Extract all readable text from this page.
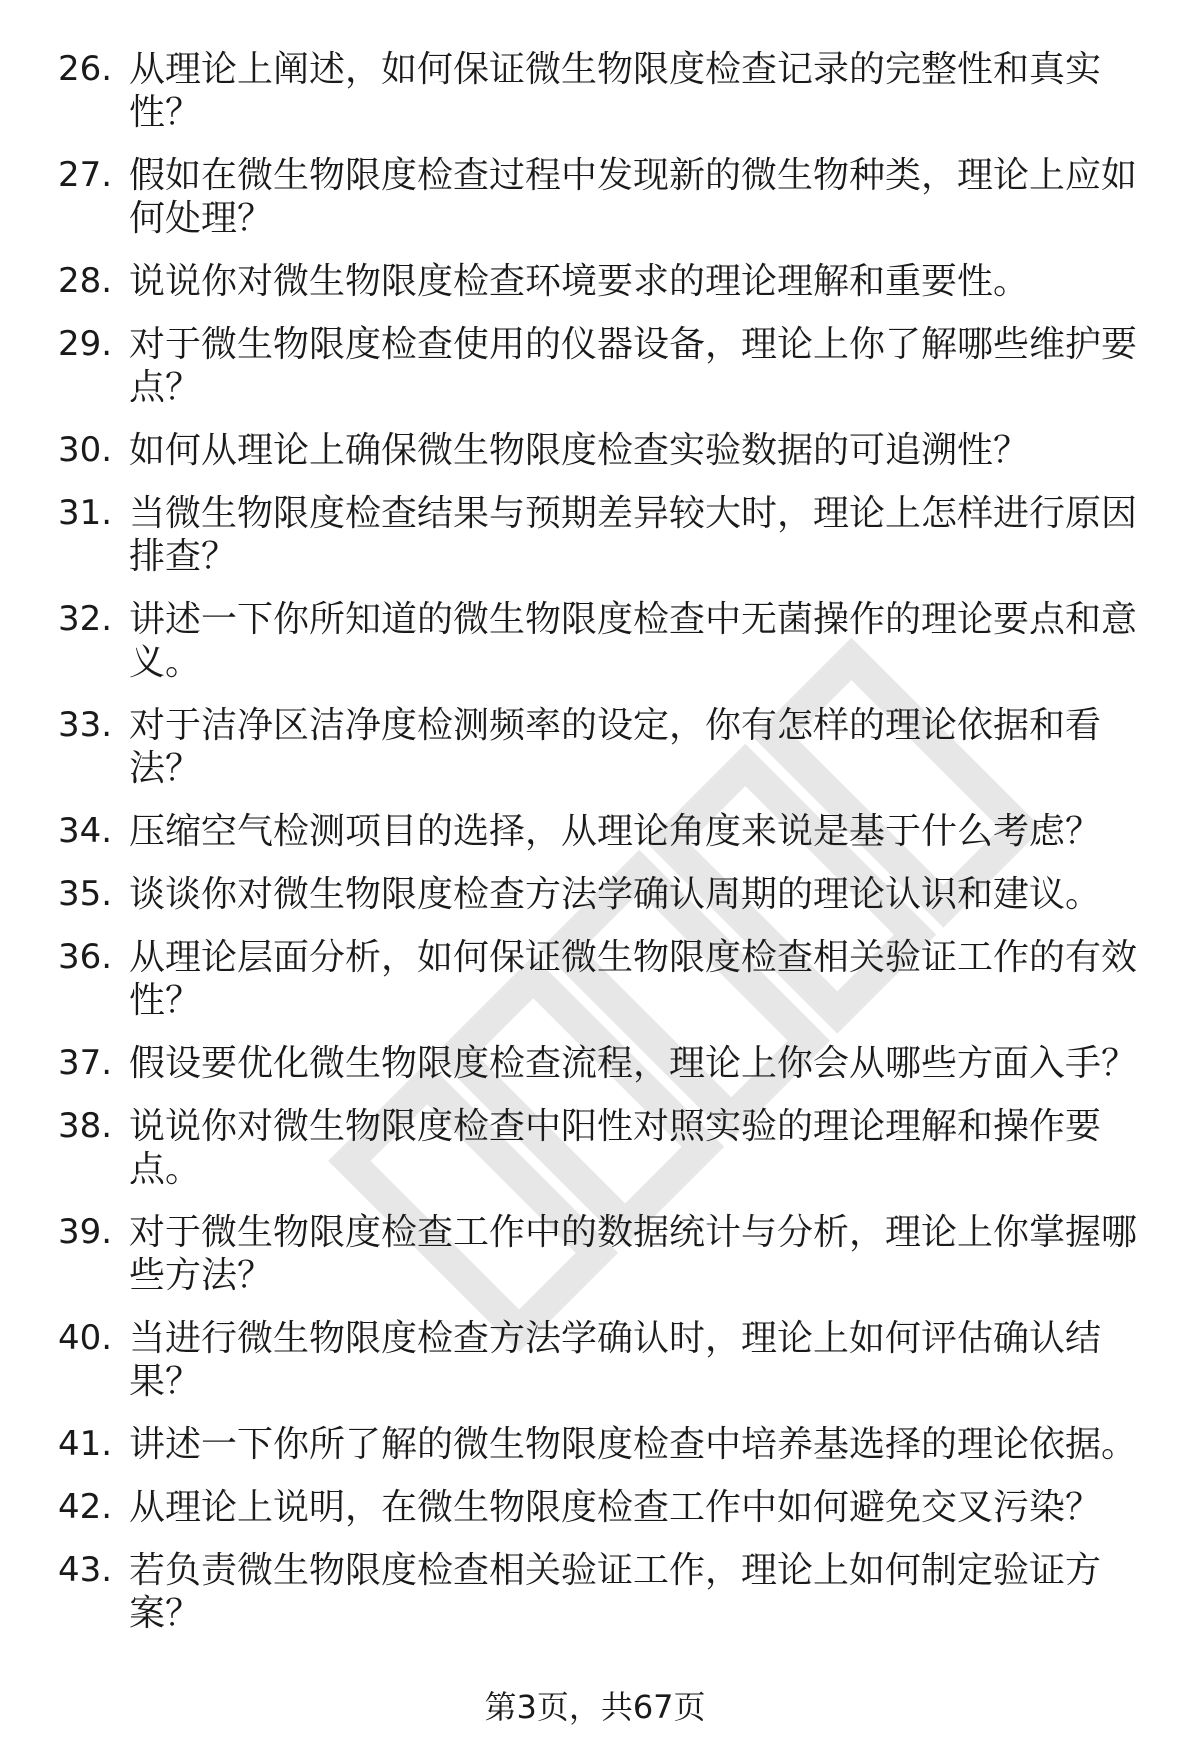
26. 从理论上阐述，如何保证微生物限度检查记录的完整性和真实性？
27. 假如在微生物限度检查过程中发现新的微生物种类，理论上应如何处理？
28. 说说你对微生物限度检查环境要求的理论理解和重要性。
29. 对于微生物限度检查使用的仪器设备，理论上你了解哪些维护要点？
30. 如何从理论上确保微生物限度检查实验数据的可追溯性？
31. 当微生物限度检查结果与预期差异较大时，理论上怎样进行原因排查？
32. 讲述一下你所知道的微生物限度检查中无菌操作的理论要点和意义。
33. 对于洁净区洁净度检测频率的设定，你有怎样的理论依据和看法？
34. 压缩空气检测项目的选择，从理论角度来说是基于什么考虑？
35. 谈谈你对微生物限度检查方法学确认周期的理论认识和建议。
36. 从理论层面分析，如何保证微生物限度检查相关验证工作的有效性？
37. 假设要优化微生物限度检查流程，理论上你会从哪些方面入手？
38. 说说你对微生物限度检查中阳性对照实验的理论理解和操作要点。
39. 对于微生物限度检查工作中的数据统计与分析，理论上你掌握哪些方法？
40. 当进行微生物限度检查方法学确认时，理论上如何评估确认结果？
41. 讲述一下你所了解的微生物限度检查中培养基选择的理论依据。
42. 从理论上说明，在微生物限度检查工作中如何避免交叉污染？
43. 若负责微生物限度检查相关验证工作，理论上如何制定验证方案？
第3页，共67页
